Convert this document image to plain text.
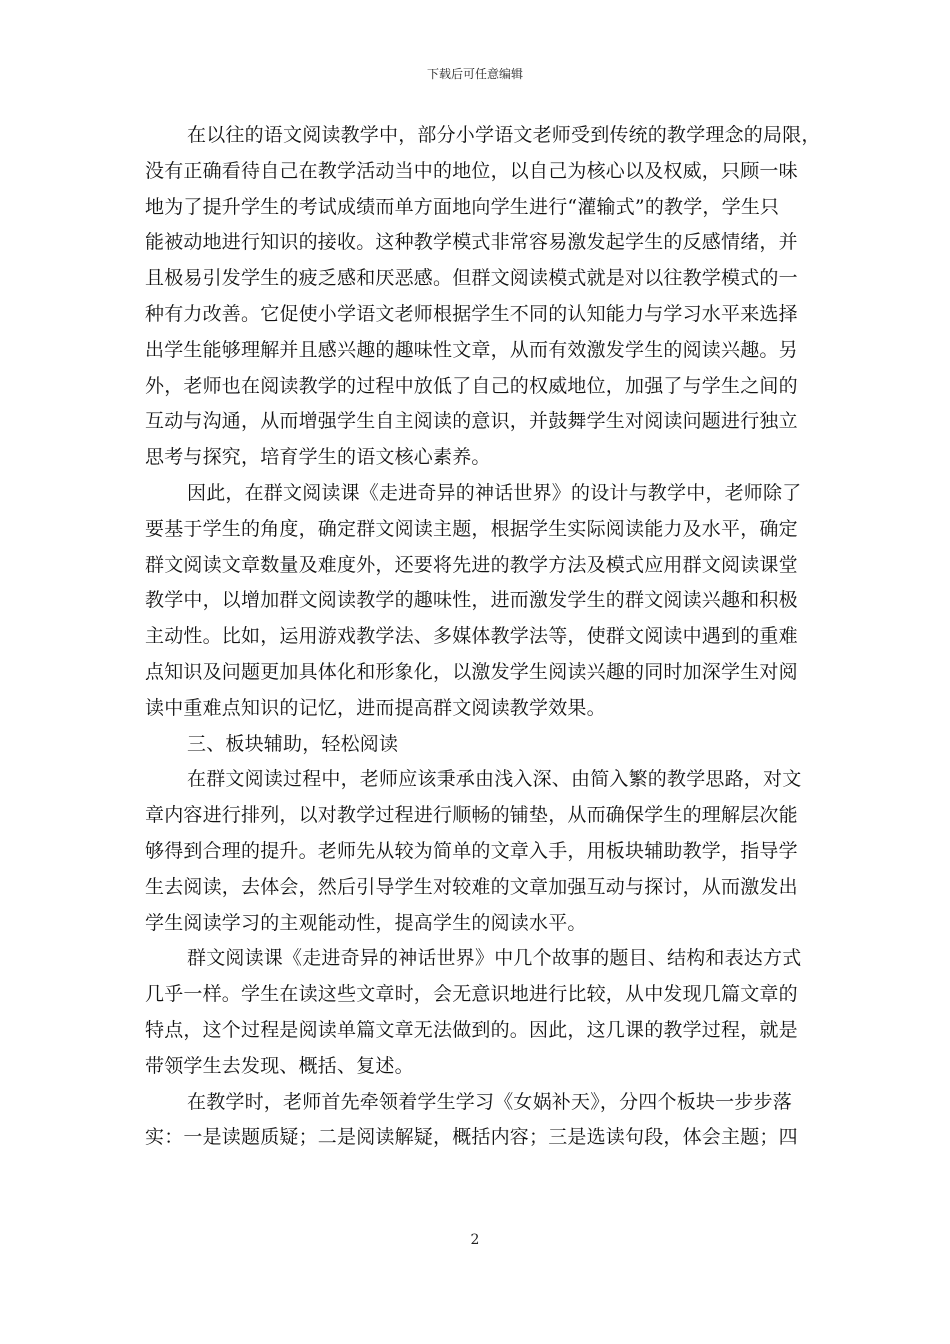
下载后可任意编辑

在以往的语文阅读教学中，部分小学语文老师受到传统的教学理念的局限，
没有正确看待自己在教学活动当中的地位，以自己为核心以及权威，只顾一味
地为了提升学生的考试成绩而单方面地向学生进行“灌输式”的教学，学生只
能被动地进行知识的接收。这种教学模式非常容易激发起学生的反感情绪，并
且极易引发学生的疲乏感和厌恶感。但群文阅读模式就是对以往教学模式的一
种有力改善。它促使小学语文老师根据学生不同的认知能力与学习水平来选择
出学生能够理解并且感兴趣的趣味性文章，从而有效激发学生的阅读兴趣。另
外，老师也在阅读教学的过程中放低了自己的权威地位，加强了与学生之间的
互动与沟通，从而增强学生自主阅读的意识，并鼓舞学生对阅读问题进行独立
思考与探究，培育学生的语文核心素养。

因此，在群文阅读课《走进奇异的神话世界》的设计与教学中，老师除了
要基于学生的角度，确定群文阅读主题，根据学生实际阅读能力及水平，确定
群文阅读文章数量及难度外，还要将先进的教学方法及模式应用群文阅读课堂
教学中，以增加群文阅读教学的趣味性，进而激发学生的群文阅读兴趣和积极
主动性。比如，运用游戏教学法、多媒体教学法等，使群文阅读中遇到的重难
点知识及问题更加具体化和形象化，以激发学生阅读兴趣的同时加深学生对阅
读中重难点知识的记忆，进而提高群文阅读教学效果。

三、板块辅助，轻松阅读

在群文阅读过程中，老师应该秉承由浅入深、由简入繁的教学思路，对文
章内容进行排列，以对教学过程进行顺畅的铺垫，从而确保学生的理解层次能
够得到合理的提升。老师先从较为简单的文章入手，用板块辅助教学，指导学
生去阅读，去体会，然后引导学生对较难的文章加强互动与探讨，从而激发出
学生阅读学习的主观能动性，提高学生的阅读水平。

群文阅读课《走进奇异的神话世界》中几个故事的题目、结构和表达方式
几乎一样。学生在读这些文章时，会无意识地进行比较，从中发现几篇文章的
特点，这个过程是阅读单篇文章无法做到的。因此，这几课的教学过程，就是
带领学生去发现、概括、复述。

在教学时，老师首先牵领着学生学习《女娲补天》，分四个板块一步步落
实：一是读题质疑；二是阅读解疑，概括内容；三是选读句段，体会主题；四

2
